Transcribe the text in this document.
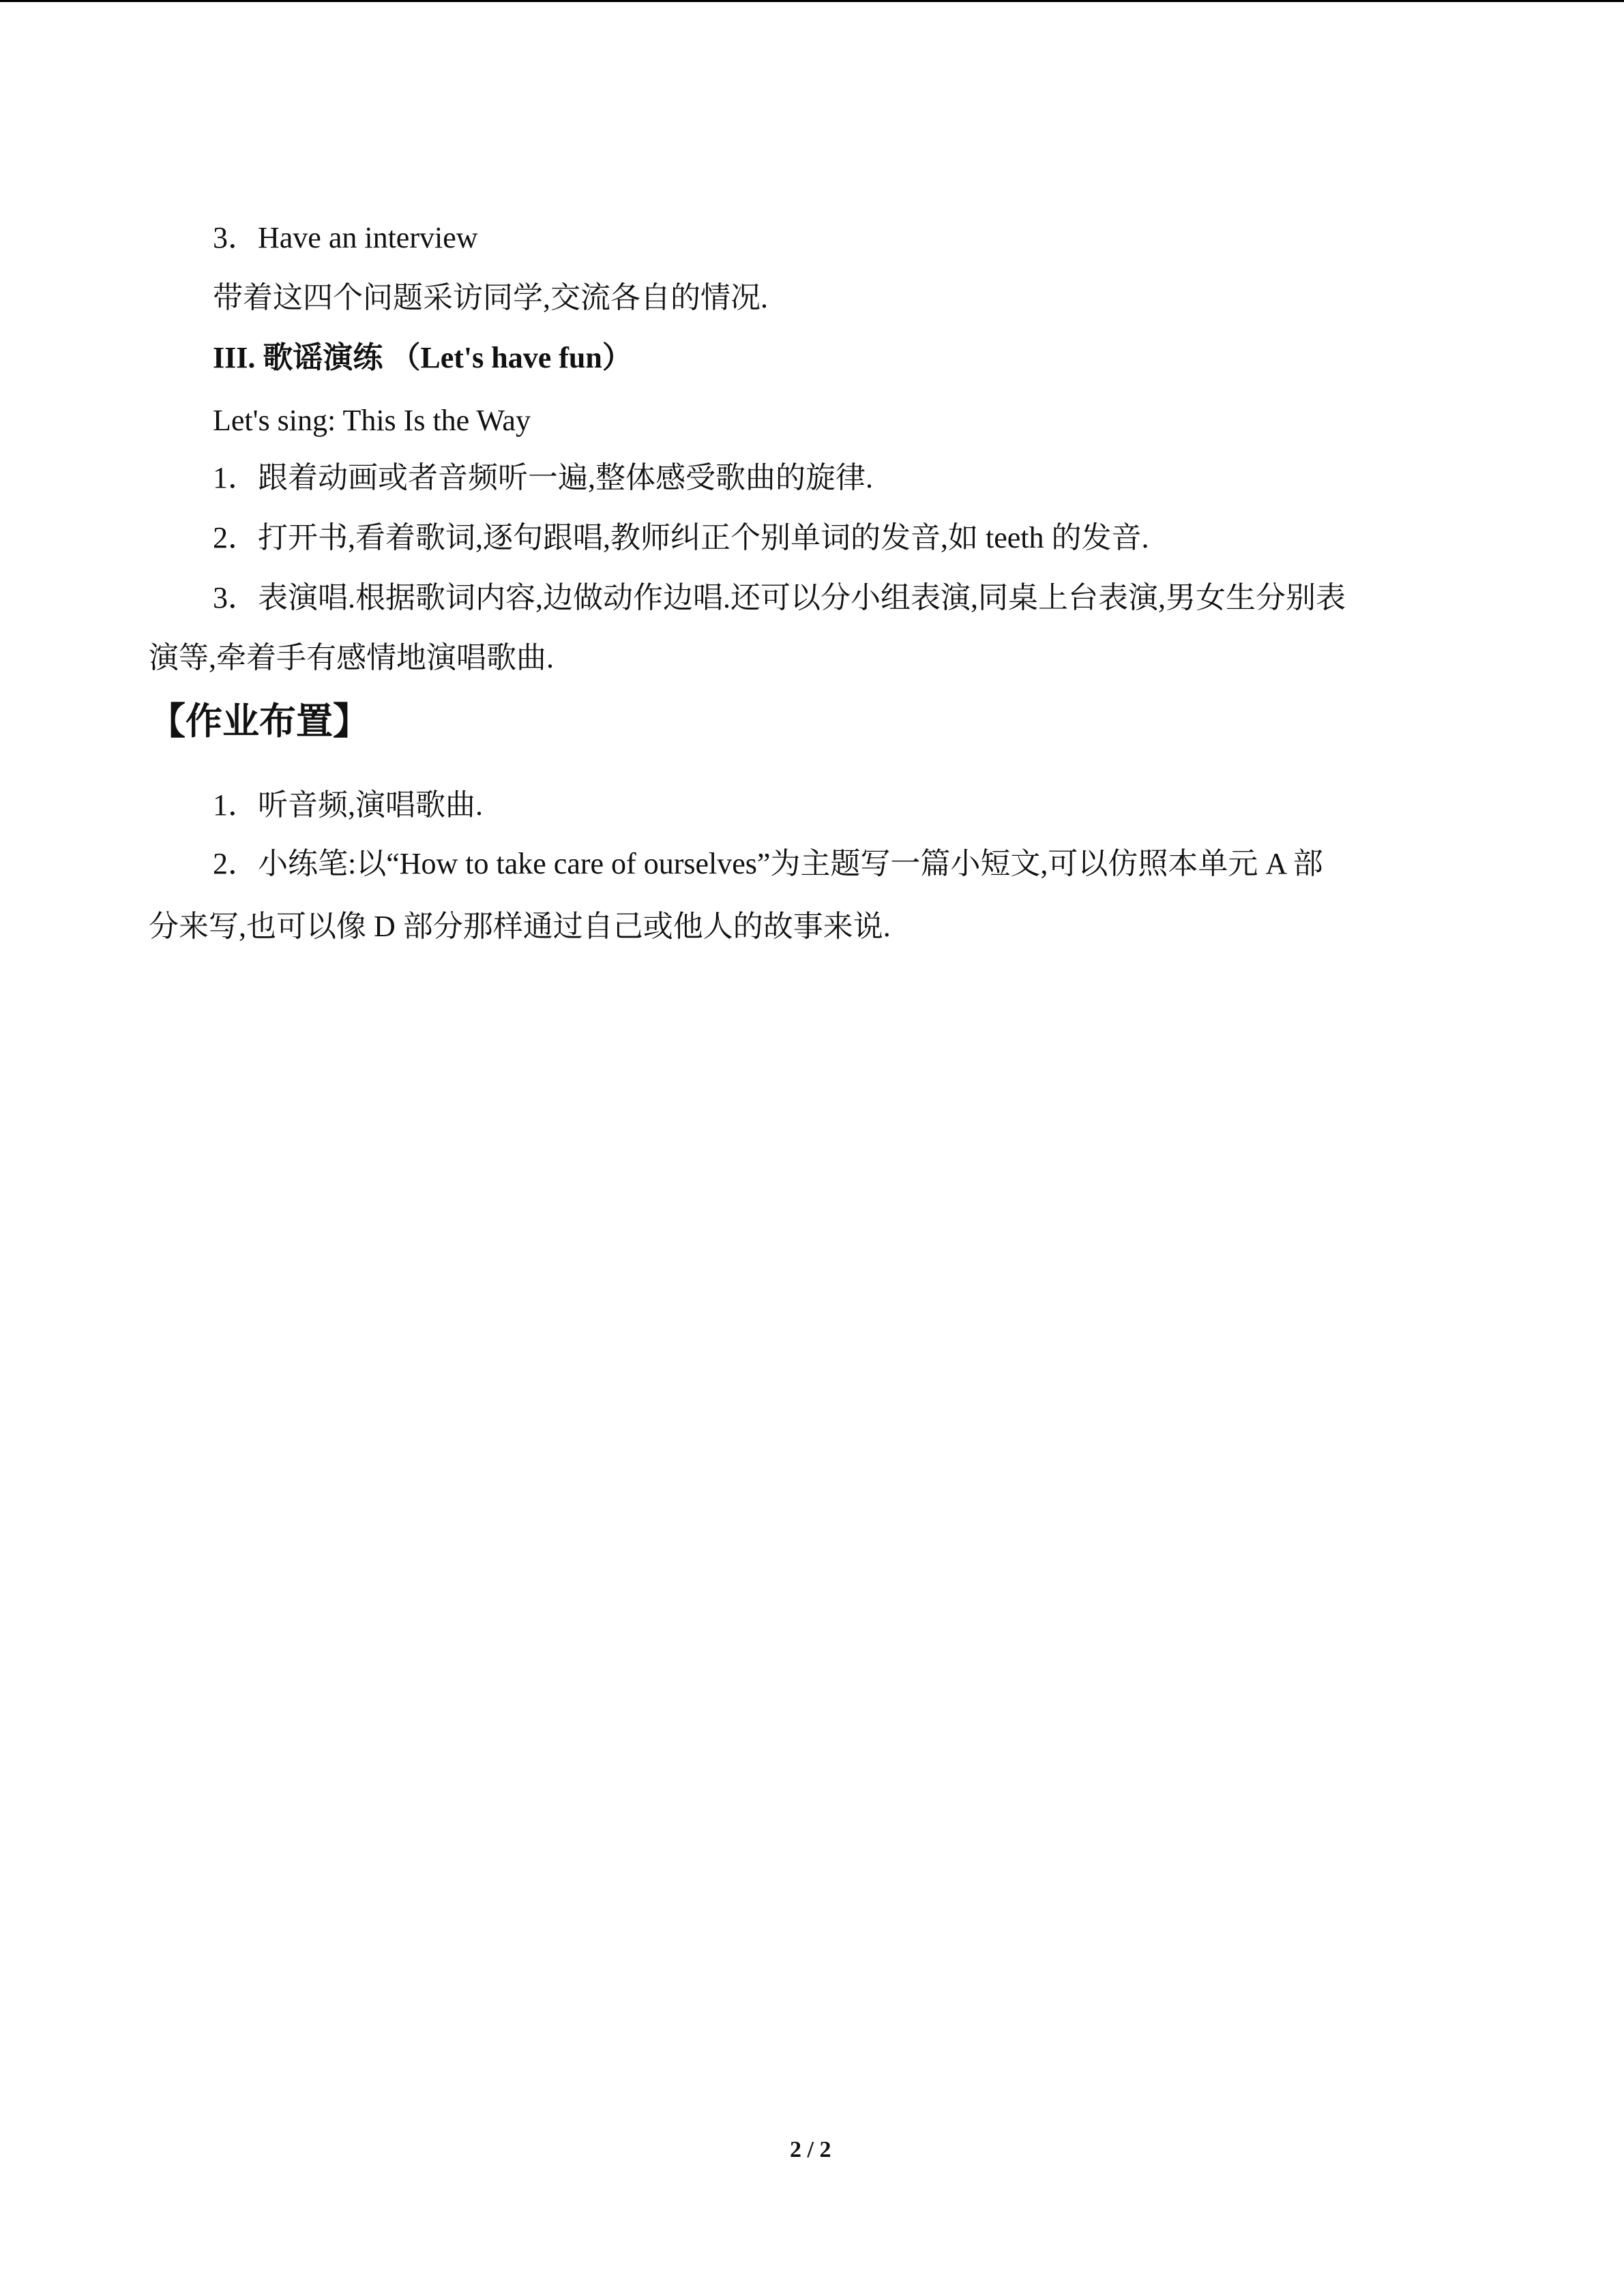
3．Have an interview
带着这四个问题采访同学,交流各自的情况.
III. 歌谣演练 （Let's have fun）
Let's sing: This Is the Way
1．跟着动画或者音频听一遍,整体感受歌曲的旋律.
2．打开书,看着歌词,逐句跟唱,教师纠正个别单词的发音,如 teeth 的发音.
3．表演唱.根据歌词内容,边做动作边唱.还可以分小组表演,同桌上台表演,男女生分别表
演等,牵着手有感情地演唱歌曲.
【作业布置】
1．听音频,演唱歌曲.
2．小练笔:以“How to take care of ourselves”为主题写一篇小短文,可以仿照本单元 A 部
分来写,也可以像 D 部分那样通过自己或他人的故事来说.
2 / 2
